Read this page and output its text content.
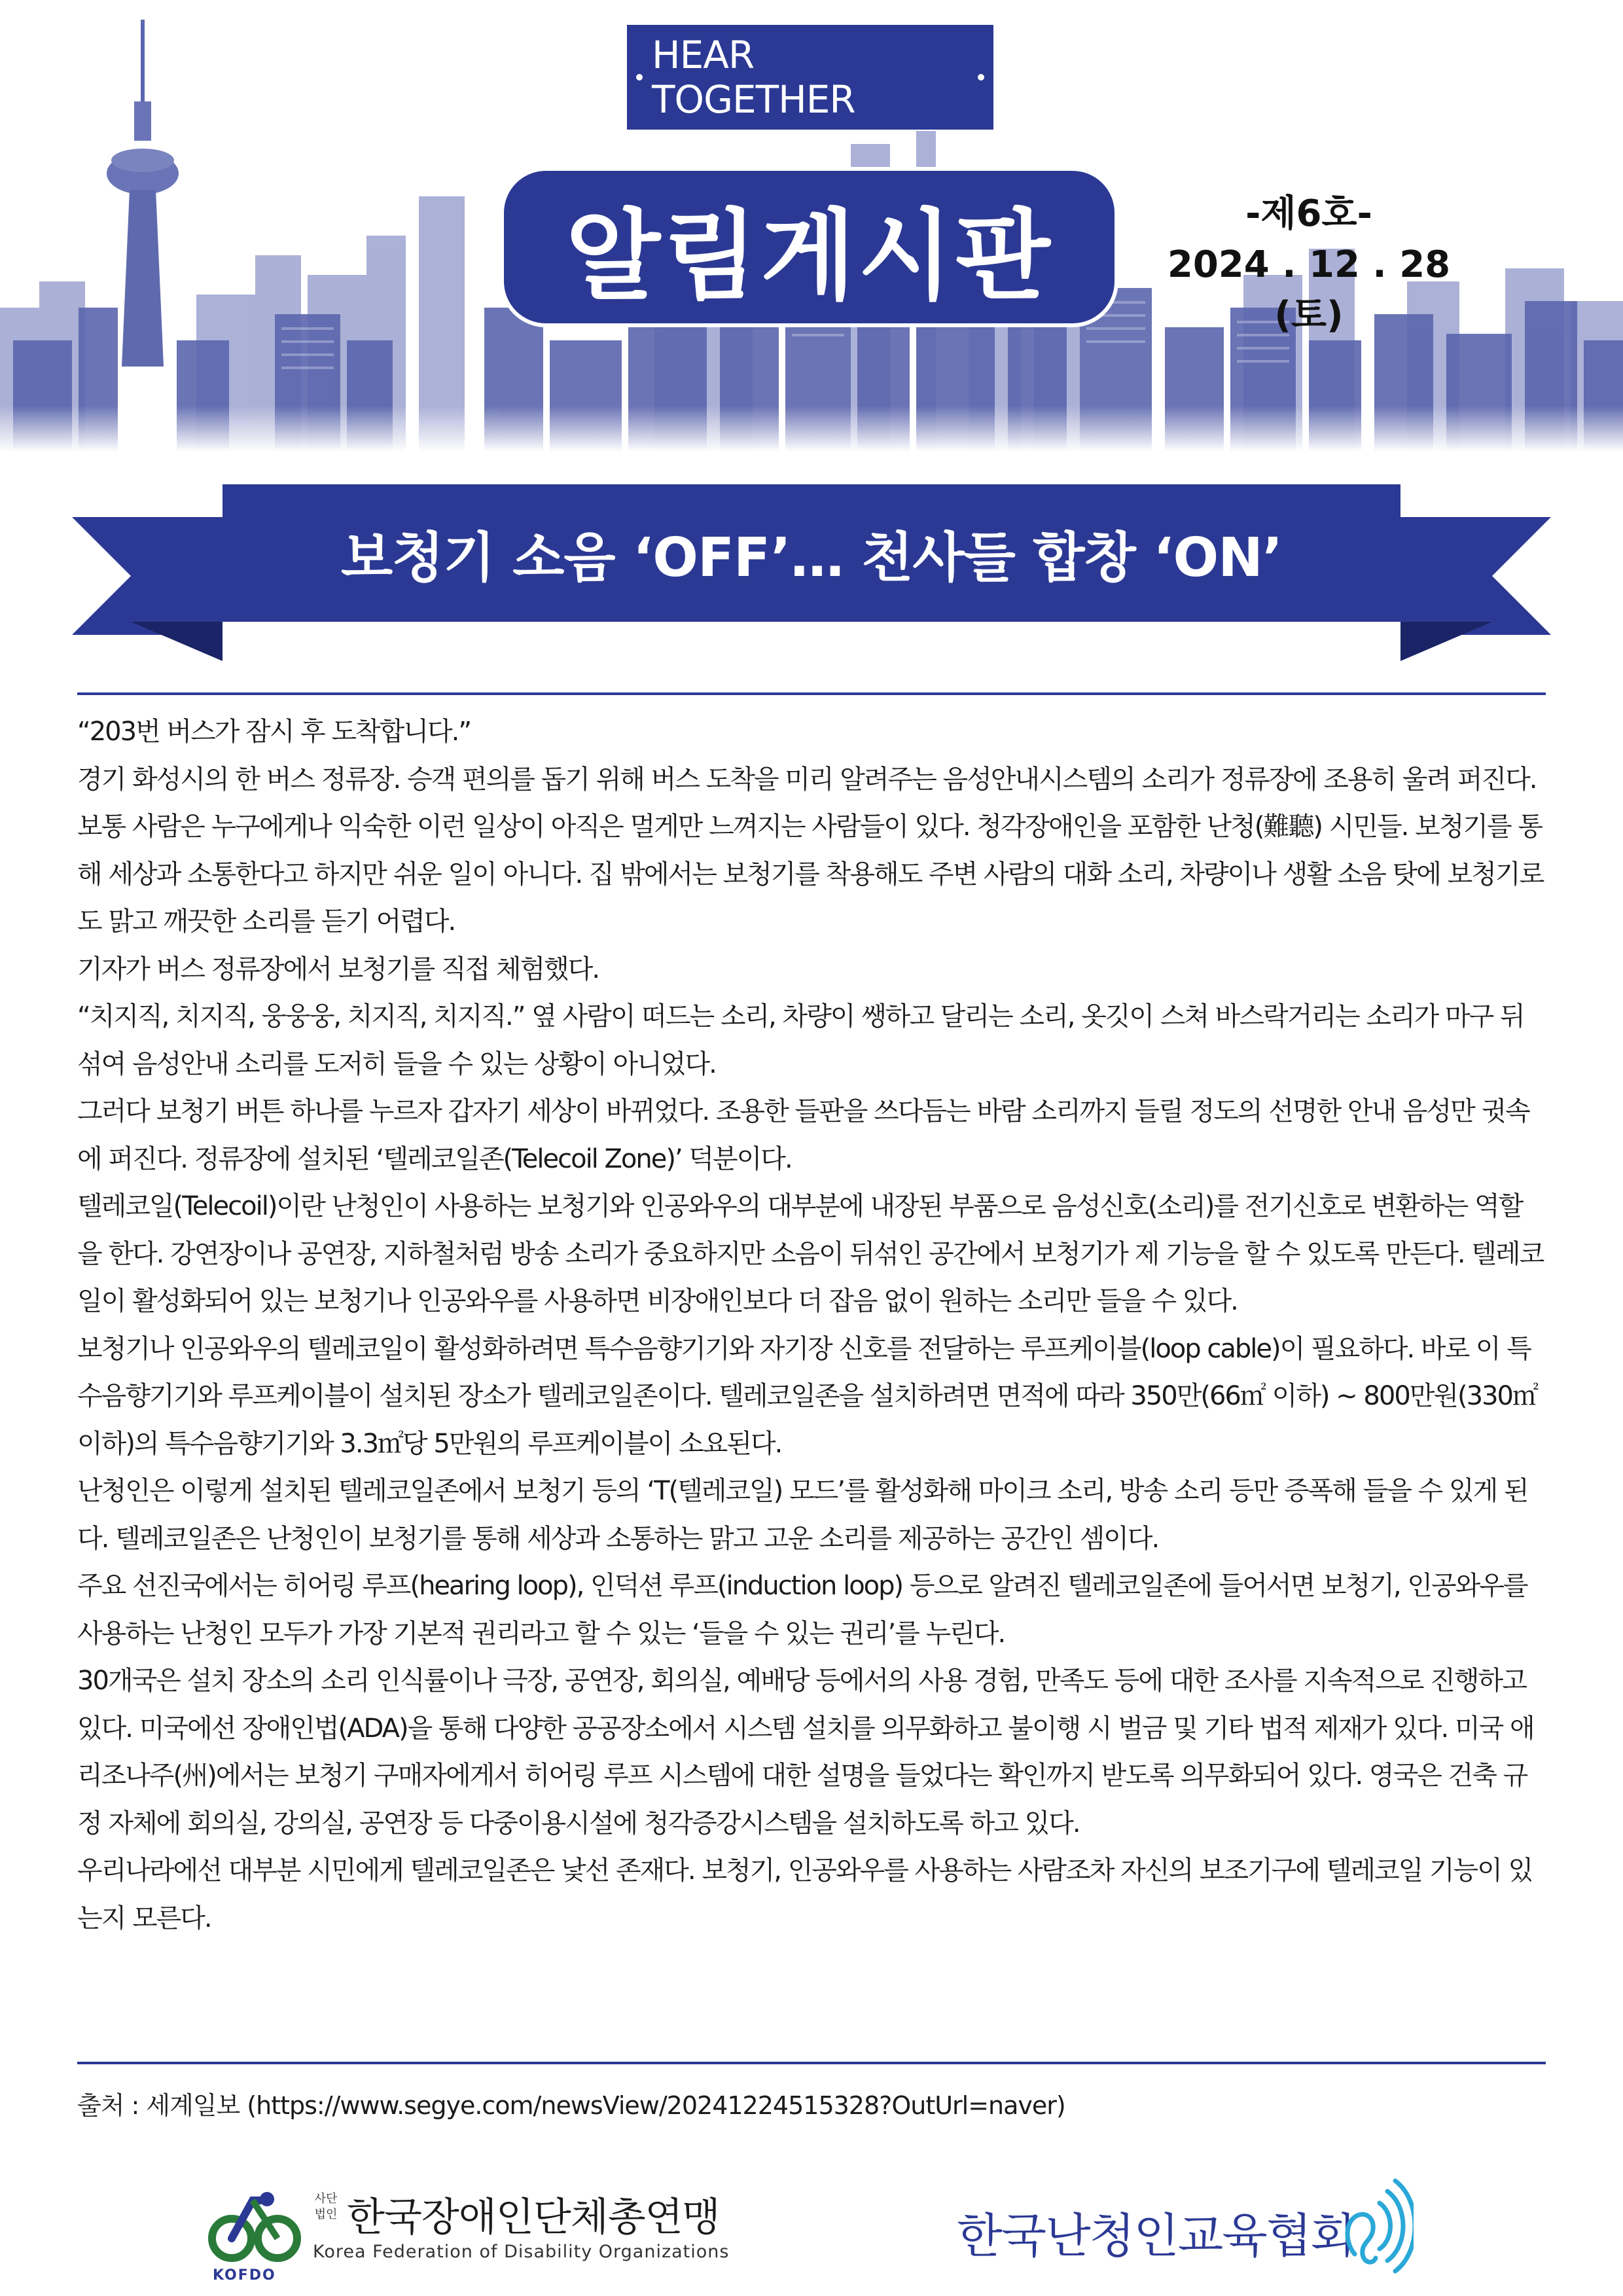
HEAR TOGETHER
알림게시판	-제6호-
2024 . 12 . 28 (토)
보청기 소음 ‘OFF’… 천사들 합창 ‘ON’

“203번 버스가 잠시 후 도착합니다.”

경기 화성시의 한 버스 정류장. 승객 편의를 돕기 위해 버스 도착을 미리 알려주는 음성안내시스템의 소리가 정류장에 조용히 울려 퍼진다. 보통 사람은 누구에게나 익숙한 이런 일상이 아직은 멀게만 느껴지는 사람들이 있다. 청각장애인을 포함한 난청(難聽) 시민들. 보청기를 통해 세상과 소통한다고 하지만 쉬운 일이 아니다. 집 밖에서는 보청기를 착용해도 주변 사람의 대화 소리, 차량이나 생활 소음 탓에 보청기로도 맑고 깨끗한 소리를 듣기 어렵다.

기자가 버스 정류장에서 보청기를 직접 체험했다.

“치지직, 치지직, 웅웅웅, 치지직, 치지직.” 옆 사람이 떠드는 소리, 차량이 쌩하고 달리는 소리, 옷깃이 스쳐 바스락거리는 소리가 마구 뒤섞여 음성안내 소리를 도저히 들을 수 있는 상황이 아니었다.

그러다 보청기 버튼 하나를 누르자 갑자기 세상이 바뀌었다. 조용한 들판을 쓰다듬는 바람 소리까지 들릴 정도의 선명한 안내 음성만 귓속에 퍼진다. 정류장에 설치된 ‘텔레코일존(Telecoil Zone)’ 덕분이다.

텔레코일(Telecoil)이란 난청인이 사용하는 보청기와 인공와우의 대부분에 내장된 부품으로 음성신호(소리)를 전기신호로 변환하는 역할을 한다. 강연장이나 공연장, 지하철처럼 방송 소리가 중요하지만 소음이 뒤섞인 공간에서 보청기가 제 기능을 할 수 있도록 만든다. 텔레코일이 활성화되어 있는 보청기나 인공와우를 사용하면 비장애인보다 더 잡음 없이 원하는 소리만 들을 수 있다.

보청기나 인공와우의 텔레코일이 활성화하려면 특수음향기기와 자기장 신호를 전달하는 루프케이블(loop cable)이 필요하다. 바로 이 특수음향기기와 루프케이블이 설치된 장소가 텔레코일존이다. 텔레코일존을 설치하려면 면적에 따라 350만(66㎡ 이하) ∼ 800만원(330㎡ 이하)의 특수음향기기와 3.3㎡당 5만원의 루프케이블이 소요된다.

난청인은 이렇게 설치된 텔레코일존에서 보청기 등의 ‘T(텔레코일) 모드’를 활성화해 마이크 소리, 방송 소리 등만 증폭해 들을 수 있게 된다. 텔레코일존은 난청인이 보청기를 통해 세상과 소통하는 맑고 고운 소리를 제공하는 공간인 셈이다.

주요 선진국에서는 히어링 루프(hearing loop), 인덕션 루프(induction loop) 등으로 알려진 텔레코일존에 들어서면 보청기, 인공와우를 사용하는 난청인 모두가 가장 기본적 권리라고 할 수 있는 ‘들을 수 있는 권리’를 누린다.

30개국은 설치 장소의 소리 인식률이나 극장, 공연장, 회의실, 예배당 등에서의 사용 경험, 만족도 등에 대한 조사를 지속적으로 진행하고 있다. 미국에선 장애인법(ADA)을 통해 다양한 공공장소에서 시스템 설치를 의무화하고 불이행 시 벌금 및 기타 법적 제재가 있다. 미국 애리조나주(州)에서는 보청기 구매자에게서 히어링 루프 시스템에 대한 설명을 들었다는 확인까지 받도록 의무화되어 있다. 영국은 건축 규정 자체에 회의실, 강의실, 공연장 등 다중이용시설에 청각증강시스템을 설치하도록 하고 있다.

우리나라에선 대부분 시민에게 텔레코일존은 낯선 존재다. 보청기, 인공와우를 사용하는 사람조차 자신의 보조기구에 텔레코일 기능이 있는지 모른다.

출처 : 세계일보 (https://www.segye.com/newsView/20241224515328?OutUrl=naver)
KOFDO
사단법인 한국장애인단체총연맹
Korea Federation of Disability Organizations	한국난청인교육협회
